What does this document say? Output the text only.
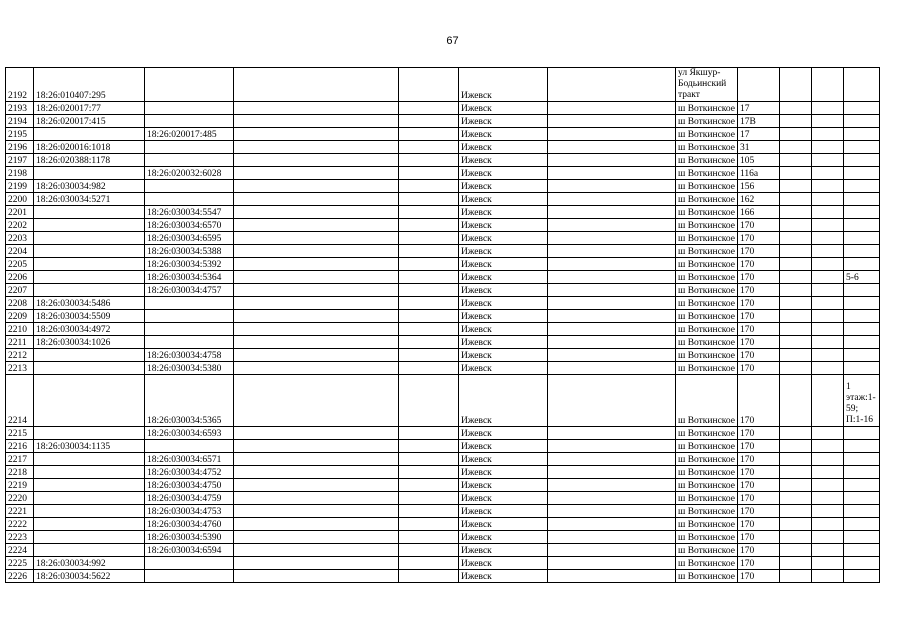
67
2192	18:26:010407:295				Ижевск		ул Якшур-Бодьинский тракт				
2193	18:26:020017:77				Ижевск		ш Воткинское	17			
2194	18:26:020017:415				Ижевск		ш Воткинское	17В			
2195		18:26:020017:485			Ижевск		ш Воткинское	17			
2196	18:26:020016:1018				Ижевск		ш Воткинское	31			
2197	18:26:020388:1178				Ижевск		ш Воткинское	105			
2198		18:26:020032:6028			Ижевск		ш Воткинское	116а			
2199	18:26:030034:982				Ижевск		ш Воткинское	156			
2200	18:26:030034:5271				Ижевск		ш Воткинское	162			
2201		18:26:030034:5547			Ижевск		ш Воткинское	166			
2202		18:26:030034:6570			Ижевск		ш Воткинское	170			
2203		18:26:030034:6595			Ижевск		ш Воткинское	170			
2204		18:26:030034:5388			Ижевск		ш Воткинское	170			
2205		18:26:030034:5392			Ижевск		ш Воткинское	170			
2206		18:26:030034:5364			Ижевск		ш Воткинское	170			5-6
2207		18:26:030034:4757			Ижевск		ш Воткинское	170			
2208	18:26:030034:5486				Ижевск		ш Воткинское	170			
2209	18:26:030034:5509				Ижевск		ш Воткинское	170			
2210	18:26:030034:4972				Ижевск		ш Воткинское	170			
2211	18:26:030034:1026				Ижевск		ш Воткинское	170			
2212		18:26:030034:4758			Ижевск		ш Воткинское	170			
2213		18:26:030034:5380			Ижевск		ш Воткинское	170			
2214		18:26:030034:5365			Ижевск		ш Воткинское	170			1 этаж:1-59; П:1-16
2215		18:26:030034:6593			Ижевск		ш Воткинское	170			
2216	18:26:030034:1135				Ижевск		ш Воткинское	170			
2217		18:26:030034:6571			Ижевск		ш Воткинское	170			
2218		18:26:030034:4752			Ижевск		ш Воткинское	170			
2219		18:26:030034:4750			Ижевск		ш Воткинское	170			
2220		18:26:030034:4759			Ижевск		ш Воткинское	170			
2221		18:26:030034:4753			Ижевск		ш Воткинское	170			
2222		18:26:030034:4760			Ижевск		ш Воткинское	170			
2223		18:26:030034:5390			Ижевск		ш Воткинское	170			
2224		18:26:030034:6594			Ижевск		ш Воткинское	170			
2225	18:26:030034:992				Ижевск		ш Воткинское	170			
2226	18:26:030034:5622				Ижевск		ш Воткинское	170			
